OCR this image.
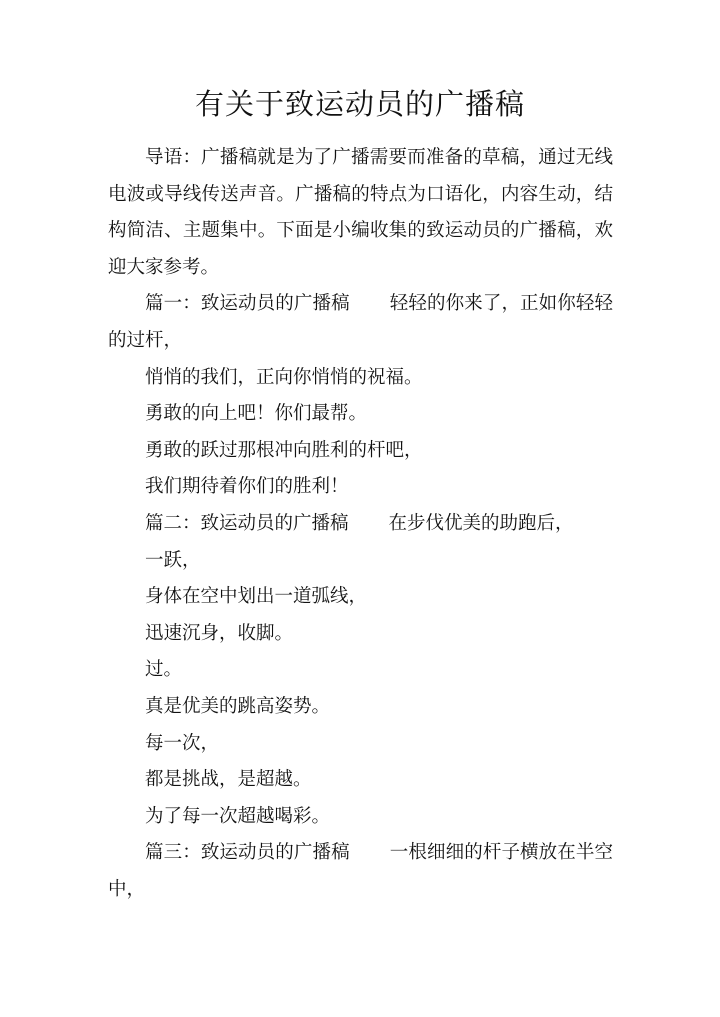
有关于致运动员的广播稿

导语：广播稿就是为了广播需要而准备的草稿，通过无线电波或导线传送声音。广播稿的特点为口语化，内容生动，结构简洁、主题集中。下面是小编收集的致运动员的广播稿，欢迎大家参考。

篇一：致运动员的广播稿 轻轻的你来了，正如你轻轻的过杆，

悄悄的我们，正向你悄悄的祝福。

勇敢的向上吧！你们最帮。

勇敢的跃过那根冲向胜利的杆吧，

我们期待着你们的胜利！

篇二：致运动员的广播稿 在步伐优美的助跑后，

一跃，

身体在空中划出一道弧线，

迅速沉身，收脚。

过。

真是优美的跳高姿势。

每一次，

都是挑战，是超越。

为了每一次超越喝彩。

篇三：致运动员的广播稿 一根细细的杆子横放在半空中，
